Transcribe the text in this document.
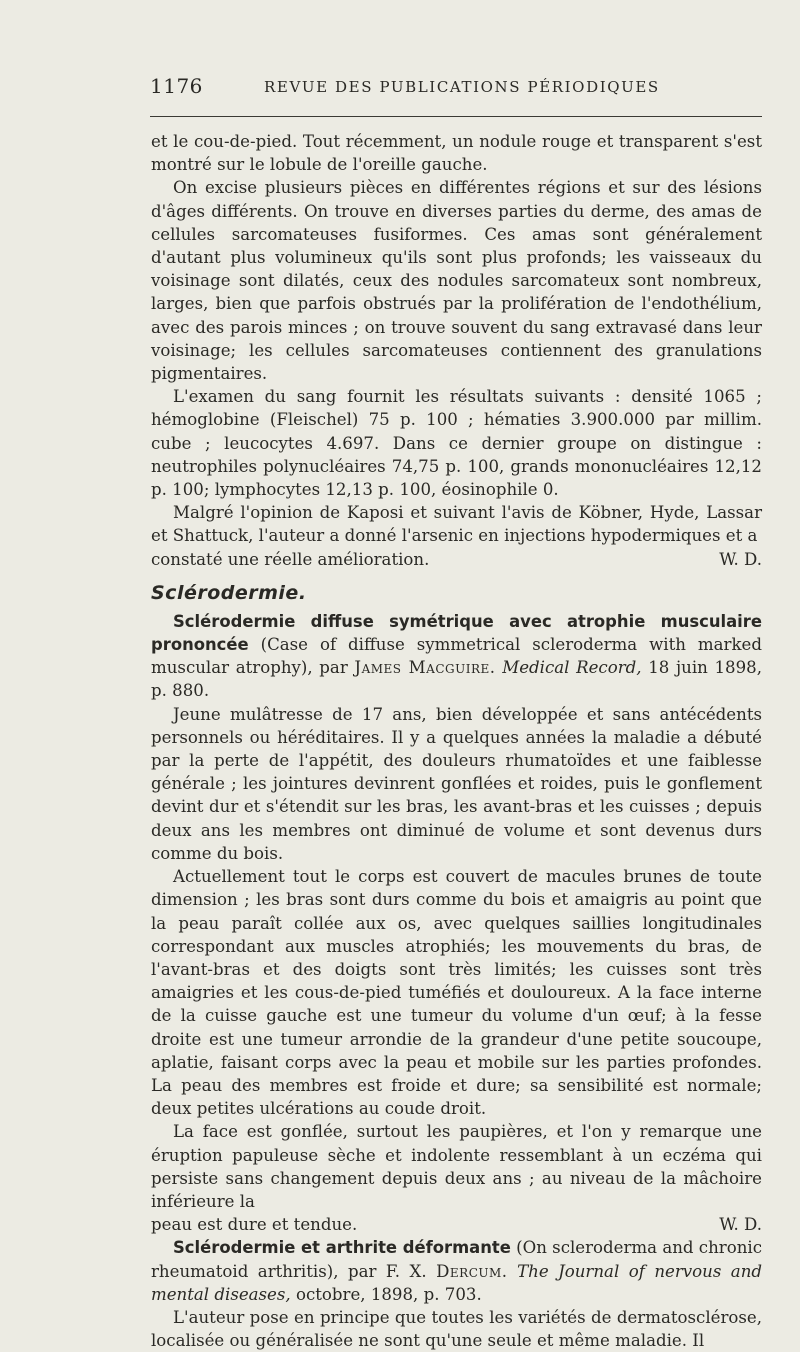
1176	REVUE DES PUBLICATIONS PÉRIODIQUES

et le cou-de-pied. Tout récemment, un nodule rouge et transparent s'est montré sur le lobule de l'oreille gauche.

On excise plusieurs pièces en différentes régions et sur des lésions d'âges différents. On trouve en diverses parties du derme, des amas de cellules sarcomateuses fusiformes. Ces amas sont généralement d'autant plus volumineux qu'ils sont plus profonds; les vaisseaux du voisinage sont dilatés, ceux des nodules sarcomateux sont nombreux, larges, bien que parfois obstrués par la prolifération de l'endothélium, avec des parois minces ; on trouve souvent du sang extravasé dans leur voisinage; les cellules sarcomateuses contiennent des granulations pigmentaires.

L'examen du sang fournit les résultats suivants : densité 1065 ; hémoglobine (Fleischel) 75 p. 100 ; hématies 3.900.000 par millim. cube ; leucocytes 4.697. Dans ce dernier groupe on distingue : neutrophiles polynucléaires 74,75 p. 100, grands mononucléaires 12,12 p. 100; lymphocytes 12,13 p. 100, éosinophile 0.

Malgré l'opinion de Kaposi et suivant l'avis de Köbner, Hyde, Lassar et Shattuck, l'auteur a donné l'arsenic en injections hypodermiques et a

constaté une réelle amélioration.	W. D.

Sclérodermie.

Sclérodermie diffuse symétrique avec atrophie musculaire prononcée (Case of diffuse symmetrical scleroderma with marked muscular atrophy), par James Macguire. Medical Record, 18 juin 1898, p. 880.

Jeune mulâtresse de 17 ans, bien développée et sans antécédents personnels ou héréditaires. Il y a quelques années la maladie a débuté par la perte de l'appétit, des douleurs rhumatoïdes et une faiblesse générale ; les jointures devinrent gonflées et roides, puis le gonflement devint dur et s'étendit sur les bras, les avant-bras et les cuisses ; depuis deux ans les membres ont diminué de volume et sont devenus durs comme du bois.

Actuellement tout le corps est couvert de macules brunes de toute dimension ; les bras sont durs comme du bois et amaigris au point que la peau paraît collée aux os, avec quelques saillies longitudinales correspondant aux muscles atrophiés; les mouvements du bras, de l'avant-bras et des doigts sont très limités; les cuisses sont très amaigries et les cous-de-pied tuméfiés et douloureux. A la face interne de la cuisse gauche est une tumeur du volume d'un œuf; à la fesse droite est une tumeur arrondie de la grandeur d'une petite soucoupe, aplatie, faisant corps avec la peau et mobile sur les parties profondes. La peau des membres est froide et dure; sa sensibilité est normale; deux petites ulcérations au coude droit.

La face est gonflée, surtout les paupières, et l'on y remarque une éruption papuleuse sèche et indolente ressemblant à un eczéma qui persiste sans changement depuis deux ans ; au niveau de la mâchoire inférieure la

peau est dure et tendue.	W. D.

Sclérodermie et arthrite déformante (On scleroderma and chronic rheumatoid arthritis), par F. X. Dercum. The Journal of nervous and mental diseases, octobre, 1898, p. 703.

L'auteur pose en principe que toutes les variétés de dermatosclérose, localisée ou généralisée ne sont qu'une seule et même maladie. Il
